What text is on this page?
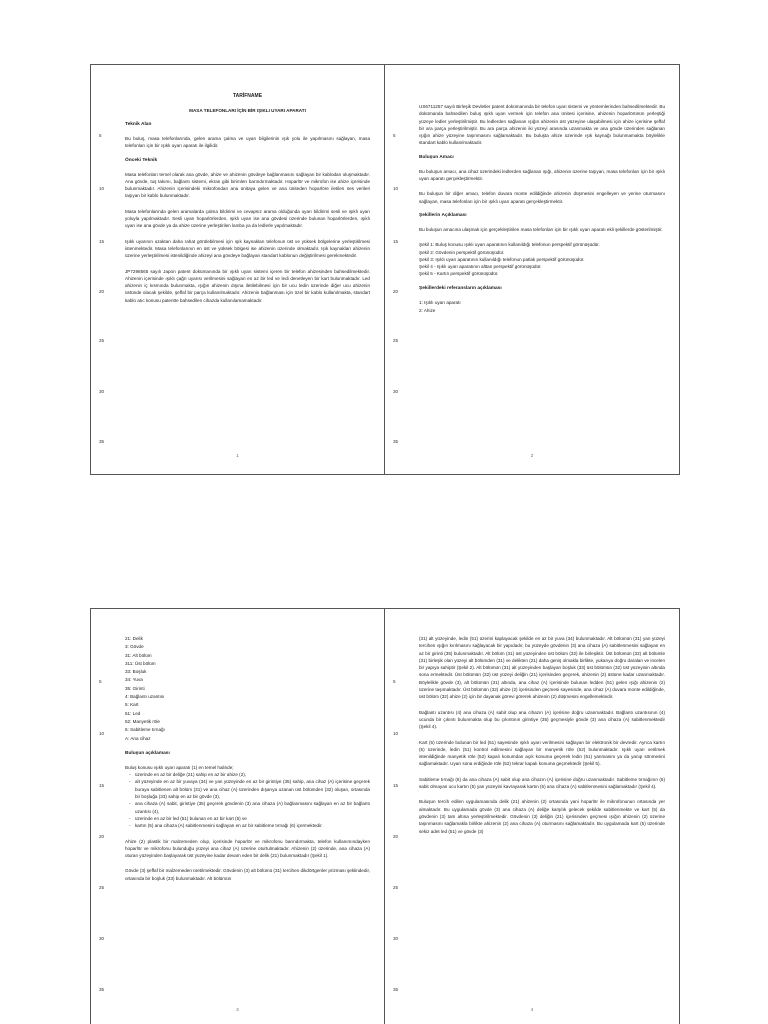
5
10
15
20
25
30
35
TARİFNAME
MASA TELEFONLARI İÇİN BİR IŞIKLI UYARI APARATI

Teknik Alan

Bu buluş, masa telefonlarında, gelen arama çalma ve uyarı bilgilerinin ışık yolu ile yapılmasını sağlayan, masa telefonları için bir ışıklı uyarı aparatı ile ilgilidir.

Önceki Teknik

Masa telefonları temel olarak ana gövde, ahize ve ahizenin gövdeye bağlanmasını sağlayan bir kablodan oluşmaktadır. Ana gövde, tuş takımı, bağlantı sistemi, ekran gibi birimlerı barındırmaktadır. Hoparlör ve mikrofon ise ahize içerisinde bulunmaktadır. Ahizenin içerisindeki mikrofondan ana ünitaya gelen ve ana üniteden hoparlöre iletilen ses verileri taşıyan bir kablo bulunmaktadır.

Masa telefonlarında gelen aramalarda çalma bildirimi ve cevapsız arama olduğunda uyarı bildirimi sesli ve ışıklı uyarı yoluyla yapılmaktadır. Sesli uyarı hoparlörlerden, ışıklı uyarı ise ana gövdesi üzerinde bulunan hoparlörlerden, ışıklı uyarı ise ana gövde ya da ahize üzerine yerleştirilen lamba ya da ledlerle yapılmaktadır.

Işıklı uyarının uzaktan daha rahat görülebilmesi için ışık kaynakları telefonun üst ve yüksek bölgelerine yerleştirilmesi istenmektedir. Masa telefonlarının en üst ve yüksek bölgesi ise ahizenin üzerinde olmaktadır. Işık kaynakları ahizenin üzerine yerleştirilmesi istenildiğinde ahizeyi ana gövdeye bağlayan standart kablonun değiştirilmesi gerekmektedir.

JP7298565 sayılı Japon patent dokümanında bir ışıklı uyarı sistemi içeren bir telefon ahizesinden bahsedilmektedir. Ahizenin içerisinde ışıklı çağrı uyarısı verilmesini sağlayan en az bir led ve ledi denetleyen bir kart bulunmaktadır. Led ahizenin iç kısmında bulunmakta, ışığın ahizenin dışına iletilebilmesi için bir ucu ledin üzerinde diğer ucu ahizenin üstünde olacak şekilde, şeffaf bir parça kullanılmaktadır. Ahizenin bağlanması için özel bir kablo kullanılmakta, standart kablo atıc konusu patentte bahsedilen cihazda kullanılamamaktadır.

1
5
10
15
20
25
30
35

US6711257 sayılı Birleşik Devletler patent dokümanında bir telefon uyarı sistemi ve yöntemlerinden bahsedilmektedir. Bu dokümanda bahsedilen buluş ışıklı uyarı vermek için telefon ana ünitesi içerisine, ahizenin hoparlörünün yerleştiği yüzeye ledler yerleştirilmiştir. Bu ledlerden sağlanan ışığın ahizenin üst yüzeyine ulaşabilmesi için ahize içerisine şeffaf bir ara parça yerleştirilmiştir. Bu ara parça ahizenin iki yüzeyi arasında uzanmakta ve ana gövde üzerinden sağlanan ışığın ahize yüzeyine taşınmasını sağlamaktadır. Bu buluşta ahize üzerinde ışık kaynağı bulunmamakta böylelikle standart kablo kullanılmaktadır.

Buluşun Amacı

Bu buluşun amacı, ana cihaz üzerindeki ledlerden sağlanan ışığı, ahizenin üzerine taşıyan, masa telefonları için bir ışıklı uyarı aparatı gerçekleştirmektir.

Bu buluşun bir diğer amacı, telefon duvara monte edildiğinde ahizenin düşmesini engelleyen ve yerine oturmasını sağlayan, masa telefonları için bir ışıklı uyarı aparatı gerçekleştirmektir.

Şekillerin Açıklaması

Bu buluşun amacına ulaşmak için gerçekleştirilen masa telefonları için bir ışıklı uyarı aparatı ekli şekillerde gösterilmiştir.

Şekil 1: Buluş konusu ışıklı uyarı aparatının kullanıldığı telefonun perspektif görünüşüdür.

Şekil 2: Gövdenin perspektif görünüşüdür.

Şekil 3: Işıklı uyarı aparatının kullanıldığı telefonun patlak perspektif görünüşüdür.

Şekil 4 - Işıklı uyarı aparatının alttan perspektif görünüşüdür.

Şekil 5 - Kartın perspektif görünüşüdür.

Şekillerdeki referansların açıklaması

1: Işıklı uyarı aparatı
2: Ahize
2
5
10
15
20
25
30
35
21: Delik
3: Gövde
31: Alt bölüm
311: Üst bölüm
33: Boşluk
34: Yuva
35: Girinti
4: Bağlantı uzantısı
5: Kart
51: Led
52: Manyetik röle
6: Sabitleme tırnağı
A: Ana cihaz

Buluşun açıklaması

Buluş konusu ışıklı uyarı aparatı (1) en temel halinde;

- üzerinde en az bir deliğe (21) sahip en az bir ahize (2),
- alt yüzeyinde en az bir yuvaya (34) ve yan yüzeyinde en az bir girintiye (35) sahip, ana cihaz (A) içerisine geçerek buraya sabitlenen alt bölüm (31) ve ana cihaz (A) üzerinden dışarıya uzanan üst bölümden (32) oluşan, ortasında bir boşluğa (33) sahip en az bir gövde (3),
- ana cihaza (A) sabit, girintiye (35) geçerek gövdenin (3) ana cihaza (A) bağlanmasını sağlayan en az bir bağlantı uzantısı (4),
- üzerinde en az bir led (51) bulunan en az bir kart (5) ve
- kartın (5) ana cihaza (A) sabitlenmesini sağlayan en az bir sabitleme tırnağı (6) içermektedir.

Ahize (2) plastik bir malzemeden olup, içerisinde hoparlör ve mikrofonu barındırmakta, telefon kullanımındayken hoparlör ve mikrofonu bulunduğu yüzeyi ana cihaz (A) üzerine oturtulmaktadır. Ahizenin (2) üzerinde, ana cihaza (A) oturan yüzeyinden başlayarak üst yüzeyine kadar devam eden bir delik (21) bulunmaktadır (Şekil 1).

Gövde (3) şeffaf bir malzemeden üretilmektedir. Gövdenin (3) alt bölümü (31) tercihen dikdörtgenler prizması şeklindedir, ortasında bir boşluk (33) bulunmaktadır. Alt bölümün

3
5
10
15
20
25
30
35

(31) alt yüzeyinde, ledin (51) üzerini kaplayacak şekilde en az bir yuva (34) bulunmaktadır. Alt bölümün (31) yan yüzeyi tercihen ışığın kırılmasını sağlayacak bir yapıdadır, bu yüzeyde gövdenin (3) ana cihaza (A) sabitlenmesini sağlayan en az bir girinti (35) bulunmaktadır. Alt bölüm (31) üst yüzeyinden üst bölüm (32) ile birleşiktir. Üst bölümün (32) alt bölümle (31) birleşik olan yüzeyi alt bölümden (31) ve delikten (21) daha geniş olmakla birlikte, yukarıya doğru daralan ve incelen bir yapıya sahiptir (Şekil 2). Alt bölümün (31) alt yüzeyinden başlayan boşluk (33) üst bölümün (32) üst yüzeyinin altında sona ermektedir. Üst bölümün (32) üst yüzeyi deliğin (21) içerisinden geçerek, ahizenin (2) üstüne kadar uzanmaktadır. Böylelikle gövde (3), alt bölümün (31) altında, ana cihaz (A) içerisinde bulunan ledden (51) gelen ışığı ahizenin (2) üzerine taşımaktadır. Üst bölümün (32) ahize (2) içerisinden geçmesi sayesinde, ana cihaz (A) duvara monte edildiğinde, üst bölüm (32) ahize (2) için bir dayanak görevi görerek ahizenin (2) düşmesini engellemektedir.

Bağlantı uzantısı (4) ana cihaza (A) sabit olup ana cihazın (A) içerisine doğru uzanmaktadır. Bağlantı uzantısının (4) ucunda bir çıkıntı bulunmakta olup bu çıkıntının girintiye (35) geçmesiyle gövde (3) ana cihaza (A) sabitlenmektedir (Şekil 4).

Kart (5) üzerinde bulunan bir led (51) sayesinde ışıklı uyarı verilmesini sağlayan bir elektronik bir devredir. Ayrıca kartın (5) üzerinde, ledin (51) kontrol edilmesini sağlayan bir manyetik röle (52) bulunmaktadır. Işıklı uyarı verilmek istenildiğinde manyetik röle (52) kapalı konumdan açık konuma geçerek ledin (51) yanmasını ya da yanıp sönmesini sağlamaktadır. Uyarı sona erdiğinde röle (52) tekrar kapalı konuma geçmektedir (Şekil 5).

Sabitleme tırnağı (6) da ana cihaza (A) sabit olup ana cihazın (A) içerisine doğru uzanmaktadır. Sabitleme tırnağının (6) sabit olmayan ucu kartın (5) yan yüzeyini kavrayarak kartın (5) ana cihaza (A) sabitlenmesini sağlamaktadır (Şekil 4).

Buluşun tercih edilen uygulamasında delik (21) ahizenin (2) ortasında yani hoparlör ile mikrofonunun ortasında yer almaktadır. Bu uygulamada gövde (3) ana cihaza (A) deliğe karşılık gelecek şekilde sabitlenmekte ve kart (5) da gövdenin (3) tam altına yerleştirilmektedir. Gövdenin (3) deliğin (21) içerisinden geçmesi ışığın ahizenin (2) üzerine taşınmasını sağlamakla birlikte ahizenin (2) ana cihaza (A) oturmasını sağlamaktadır. Bu uygulamada kart (5) üzerinde sekiz adet led (51) ve gövde (3)

4
